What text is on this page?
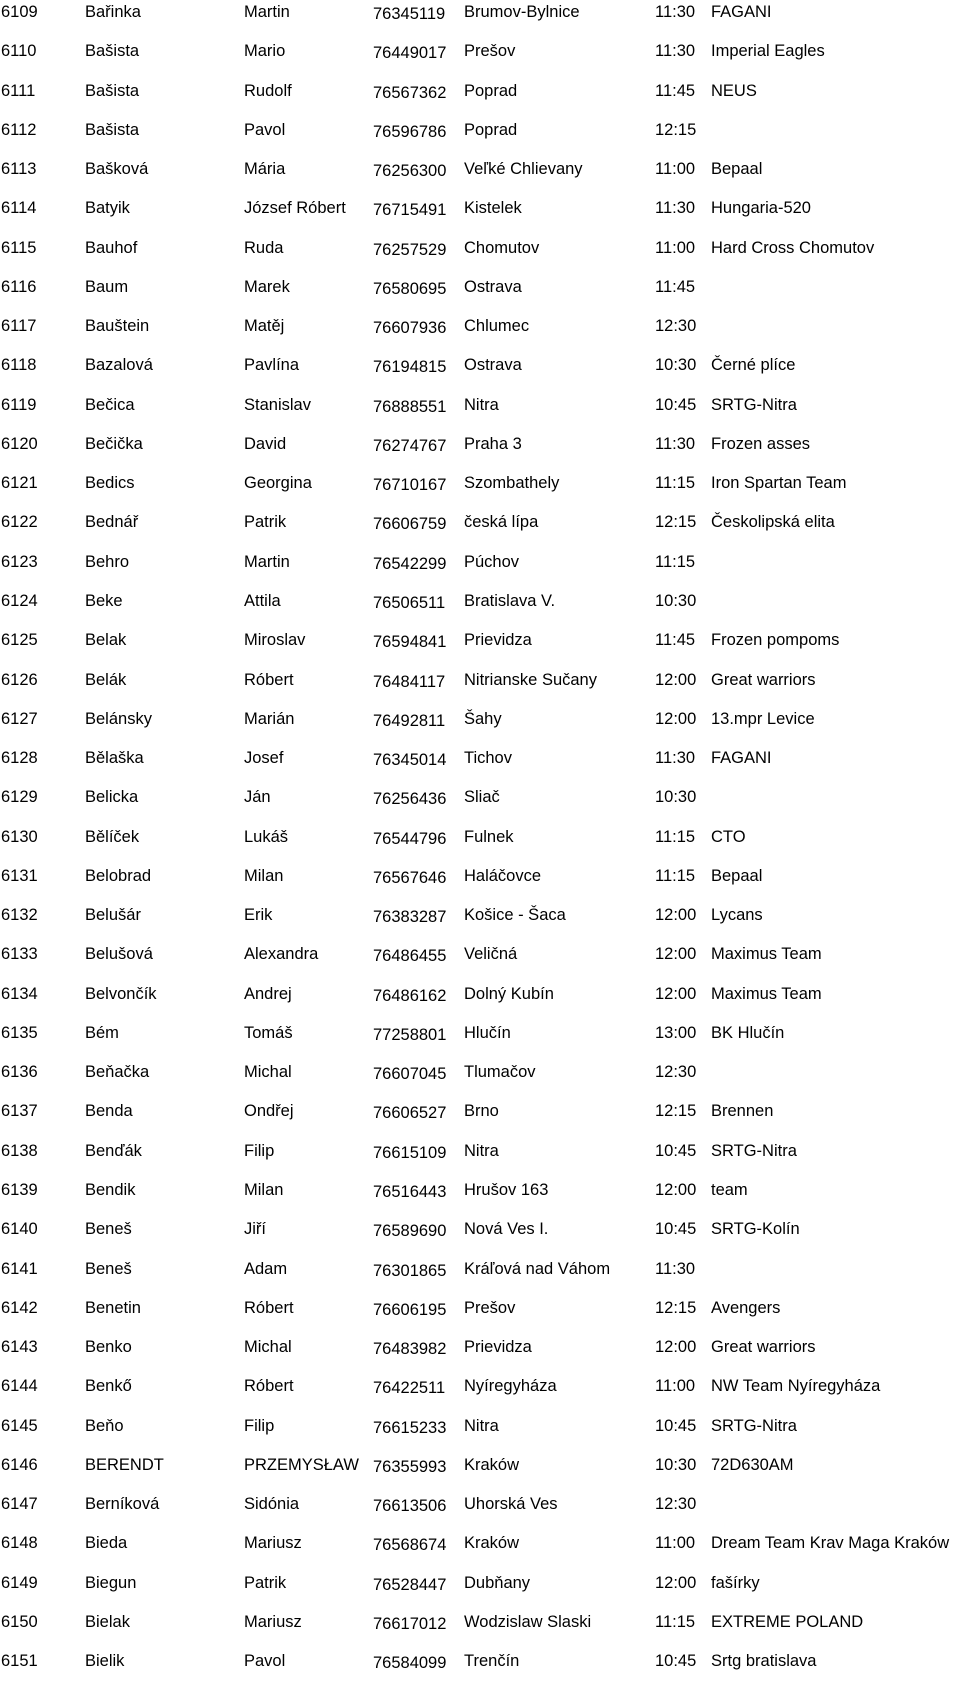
6109	Bařinka	Martin	76345119 Brumov-Bylnice	11:30 FAGANI
6110	Bašista	Mario	76449017 Prešov	11:30 Imperial Eagles
6111	Bašista	Rudolf	76567362 Poprad	11:45 NEUS
6112	Bašista	Pavol	76596786 Poprad	12:15
6113	Bašková	Mária	76256300 Veľké Chlievany	11:00 Bepaal
6114	Batyik	József Róbert 76715491 Kistelek	11:30 Hungaria-520
6115	Bauhof	Ruda	76257529 Chomutov	11:00 Hard Cross Chomutov
6116	Baum	Marek	76580695 Ostrava	11:45
6117	Bauštein	Matěj	76607936 Chlumec	12:30
6118	Bazalová	Pavlína	76194815 Ostrava	10:30 Černé plíce
6119	Bečica	Stanislav	76888551 Nitra	10:45 SRTG-Nitra
6120	Bečička	David	76274767 Praha 3	11:30 Frozen asses
6121	Bedics	Georgina	76710167 Szombathely	11:15 Iron Spartan Team
6122	Bednář	Patrik	76606759 česká lípa	12:15 Českolipská elita
6123	Behro	Martin	76542299 Púchov	11:15
6124	Beke	Attila	76506511 Bratislava V.	10:30
6125	Belak	Miroslav	76594841 Prievidza	11:45 Frozen pompoms
6126	Belák	Róbert	76484117 Nitrianske Sučany	12:00 Great warriors
6127	Belánsky	Marián	76492811 Šahy	12:00 13.mpr Levice
6128	Bělaška	Josef	76345014 Tichov	11:30 FAGANI
6129	Belicka	Ján	76256436 Sliač	10:30
6130	Bělíček	Lukáš	76544796 Fulnek	11:15 CTO
6131	Belobrad	Milan	76567646 Haláčovce	11:15 Bepaal
6132	Belušár	Erik	76383287 Košice - Šaca	12:00 Lycans
6133	Belušová	Alexandra	76486455 Veličná	12:00 Maximus Team
6134	Belvončík	Andrej	76486162 Dolný Kubín	12:00 Maximus Team
6135	Bém	Tomáš	77258801 Hlučín	13:00 BK Hlučín
6136	Beňačka	Michal	76607045 Tlumačov	12:30
6137	Benda	Ondřej	76606527 Brno	12:15 Brennen
6138	Benďák	Filip	76615109 Nitra	10:45 SRTG-Nitra
6139	Bendik	Milan	76516443 Hrušov 163	12:00 team
6140	Beneš	Jiří	76589690 Nová Ves I.	10:45 SRTG-Kolín
6141	Beneš	Adam	76301865 Kráľová nad Váhom	11:30
6142	Benetin	Róbert	76606195 Prešov	12:15 Avengers
6143	Benko	Michal	76483982 Prievidza	12:00 Great warriors
6144	Benkő	Róbert	76422511 Nyíregyháza	11:00 NW Team Nyíregyháza
6145	Beňo	Filip	76615233 Nitra	10:45 SRTG-Nitra
6146	BERENDT	PRZEMYSŁAW 76355993 Kraków	10:30 72D630AM
6147	Berníková	Sidónia	76613506 Uhorská Ves	12:30
6148	Bieda	Mariusz	76568674 Kraków	11:00 Dream Team Krav Maga Kraków
6149	Biegun	Patrik	76528447 Dubňany	12:00 fašírky
6150	Bielak	Mariusz	76617012 Wodzislaw Slaski	11:15 EXTREME POLAND
6151	Bielik	Pavol	76584099 Trenčín	10:45 Srtg bratislava
